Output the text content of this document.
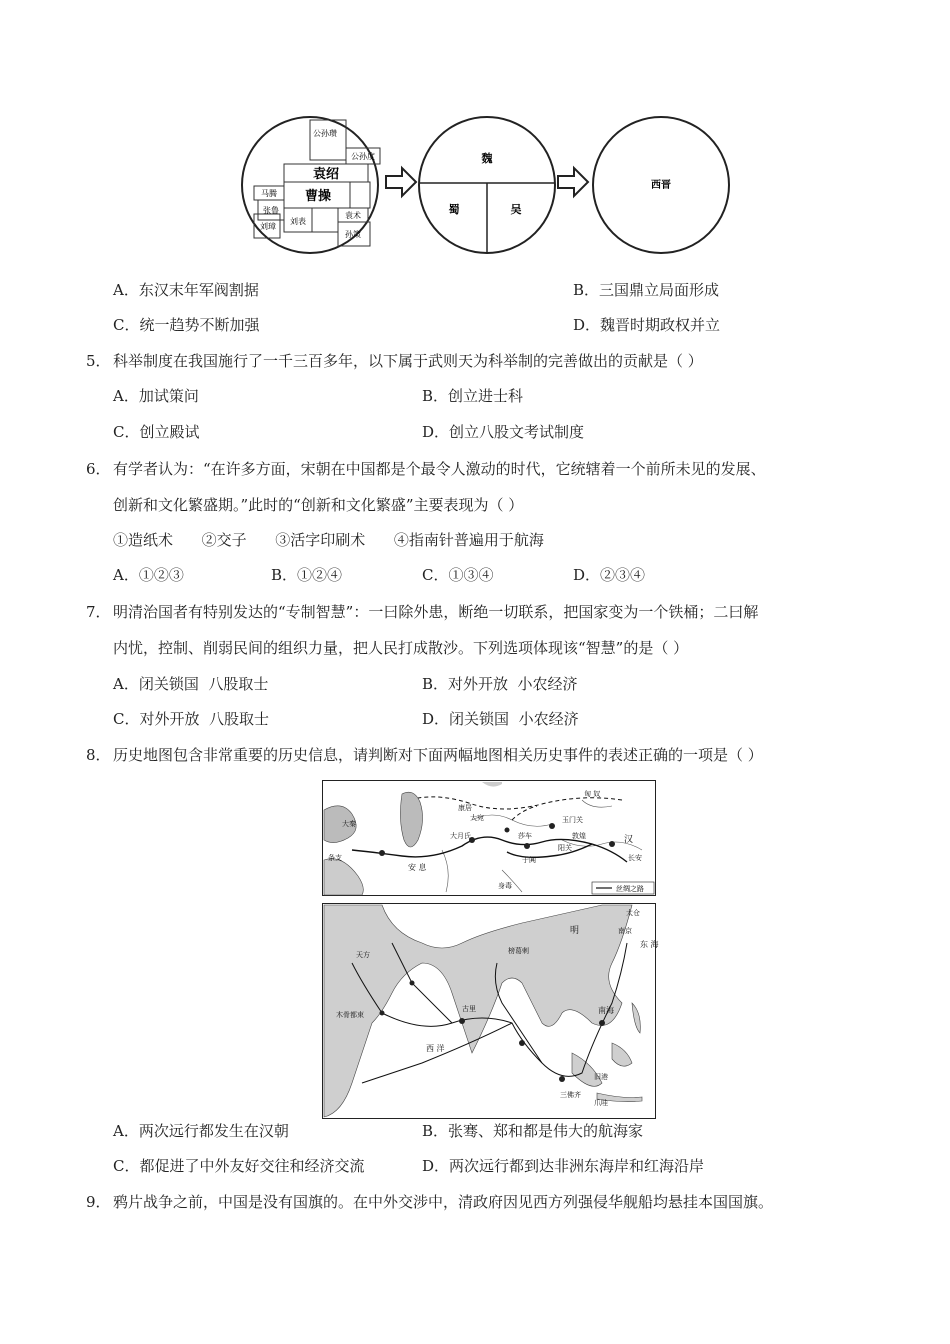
公孙瓒
公孙度
袁绍
曹操
马腾
张鲁
刘璋
刘表
袁术
孙策
魏
蜀	吴
西晋
A．东汉末年军阀割据	B．三国鼎立局面形成
C．统一趋势不断加强	D．魏晋时期政权并立
5． 科举制度在我国施行了一千三百多年，以下属于武则天为科举制的完善做出的贡献是（ ）
A．加试策问	B．创立进士科
C．创立殿试	D．创立八股文考试制度
6． 有学者认为：“在许多方面，宋朝在中国都是个最令人激动的时代，它统辖着一个前所未见的发展、
创新和文化繁盛期。”此时的“创新和文化繁盛”主要表现为（ ）
①造纸术      ②交子      ③活字印刷术      ④指南针普遍用于航海
A．①②③	B．①②④	C．①③④	D．②③④
7． 明清治国者有特别发达的“专制智慧”：一曰除外患，断绝一切联系，把国家变为一个铁桶；二曰解
内忧，控制、削弱民间的组织力量，把人民打成散沙。下列选项体现该“智慧”的是（ ）
A．闭关锁国  八股取士	B．对外开放  小农经济
C．对外开放  八股取士	D．闭关锁国  小农经济
8． 历史地图包含非常重要的历史信息，请判断对下面两幅地图相关历史事件的表述正确的一项是（ ）
匈 奴
玉门关
敦煌
阳关
汉
长安
安 息
于阗
莎车
大宛
康居
大月氏
身毒
条支
大秦
丝绸之路
明	南京
太仓
东 海
南海
天方
古里
木骨都束
西 洋
旧港
三佛齐
爪哇
榜葛剌
A．两次远行都发生在汉朝	B．张骞、郑和都是伟大的航海家
C．都促进了中外友好交往和经济交流	D．两次远行都到达非洲东海岸和红海沿岸
9． 鸦片战争之前，中国是没有国旗的。在中外交涉中，清政府因见西方列强侵华舰船均悬挂本国国旗。
